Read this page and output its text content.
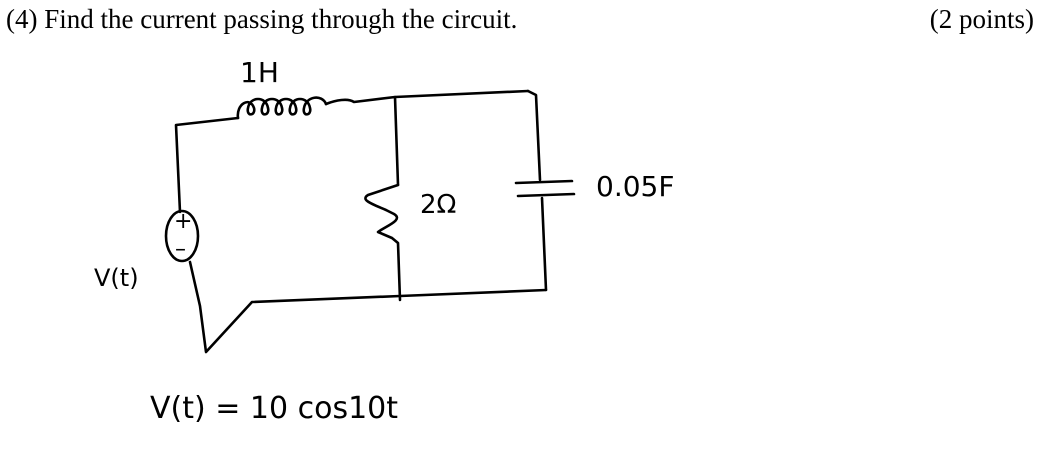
(4) Find the current passing through the circuit.	(2 points)
1H
0.05F
2Ω
+
–
V(t)
V(t) = 10 cos10t
